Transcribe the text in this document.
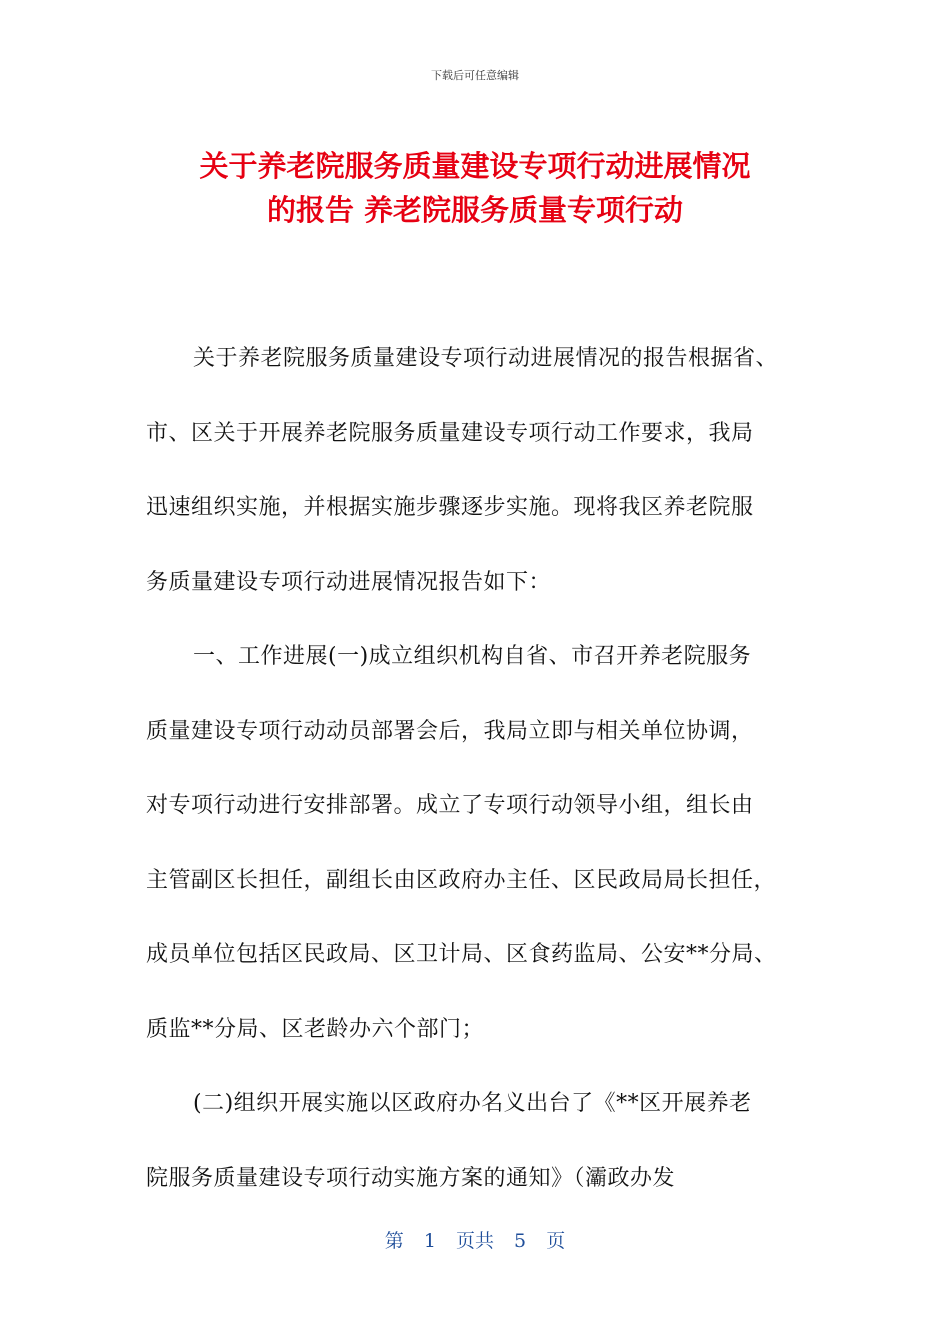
下载后可任意编辑
关于养老院服务质量建设专项行动进展情况
的报告 养老院服务质量专项行动
关于养老院服务质量建设专项行动进展情况的报告根据省、
市、区关于开展养老院服务质量建设专项行动工作要求，我局
迅速组织实施，并根据实施步骤逐步实施。现将我区养老院服
务质量建设专项行动进展情况报告如下：
一、工作进展(一)成立组织机构自省、市召开养老院服务
质量建设专项行动动员部署会后，我局立即与相关单位协调，
对专项行动进行安排部署。成立了专项行动领导小组，组长由
主管副区长担任，副组长由区政府办主任、区民政局局长担任，
成员单位包括区民政局、区卫计局、区食药监局、公安**分局、
质监**分局、区老龄办六个部门；
(二)组织开展实施以区政府办名义出台了《**区开展养老
院服务质量建设专项行动实施方案的通知》（灞政办发
第 1 页共 5 页
